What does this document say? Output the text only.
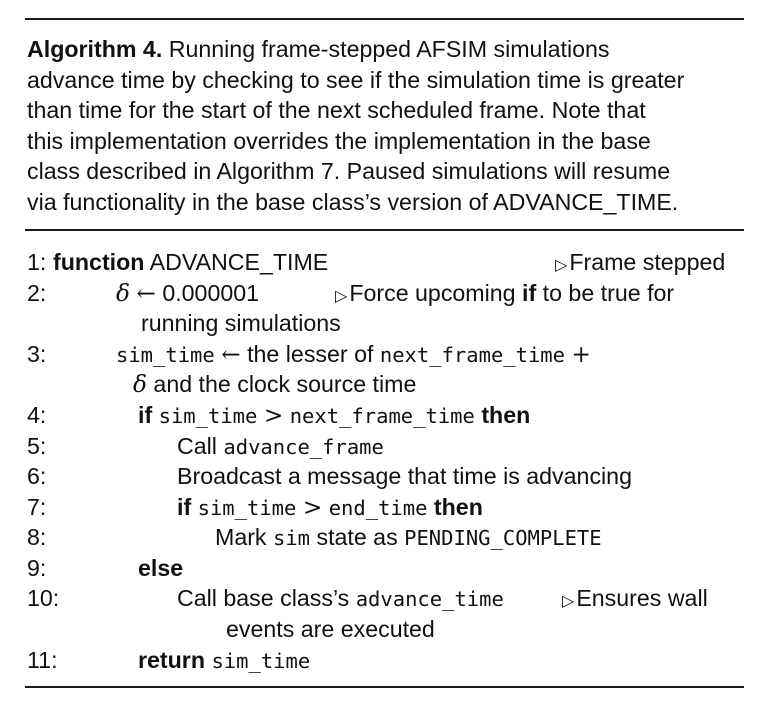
Algorithm 4. Running frame-stepped AFSIM simulations
advance time by checking to see if the simulation time is greater
than time for the start of the next scheduled frame. Note that
this implementation overrides the implementation in the base
class described in Algorithm 7. Paused simulations will resume
via functionality in the base class’s version of ADVANCE_TIME.
1: function ADVANCE_TIME	▷Frame stepped
2:	δ ← 0.000001	▷Force upcoming if to be true for
running simulations
3:	sim_time ← the lesser of next_frame_time +
δ and the clock source time
4:	if sim_time > next_frame_time then
5:	Call advance_frame
6:	Broadcast a message that time is advancing
7:	if sim_time > end_time then
8:	Mark sim state as PENDING_COMPLETE
9:	else
10:	Call base class’s advance_time	▷Ensures wall
events are executed
11:	return sim_time
